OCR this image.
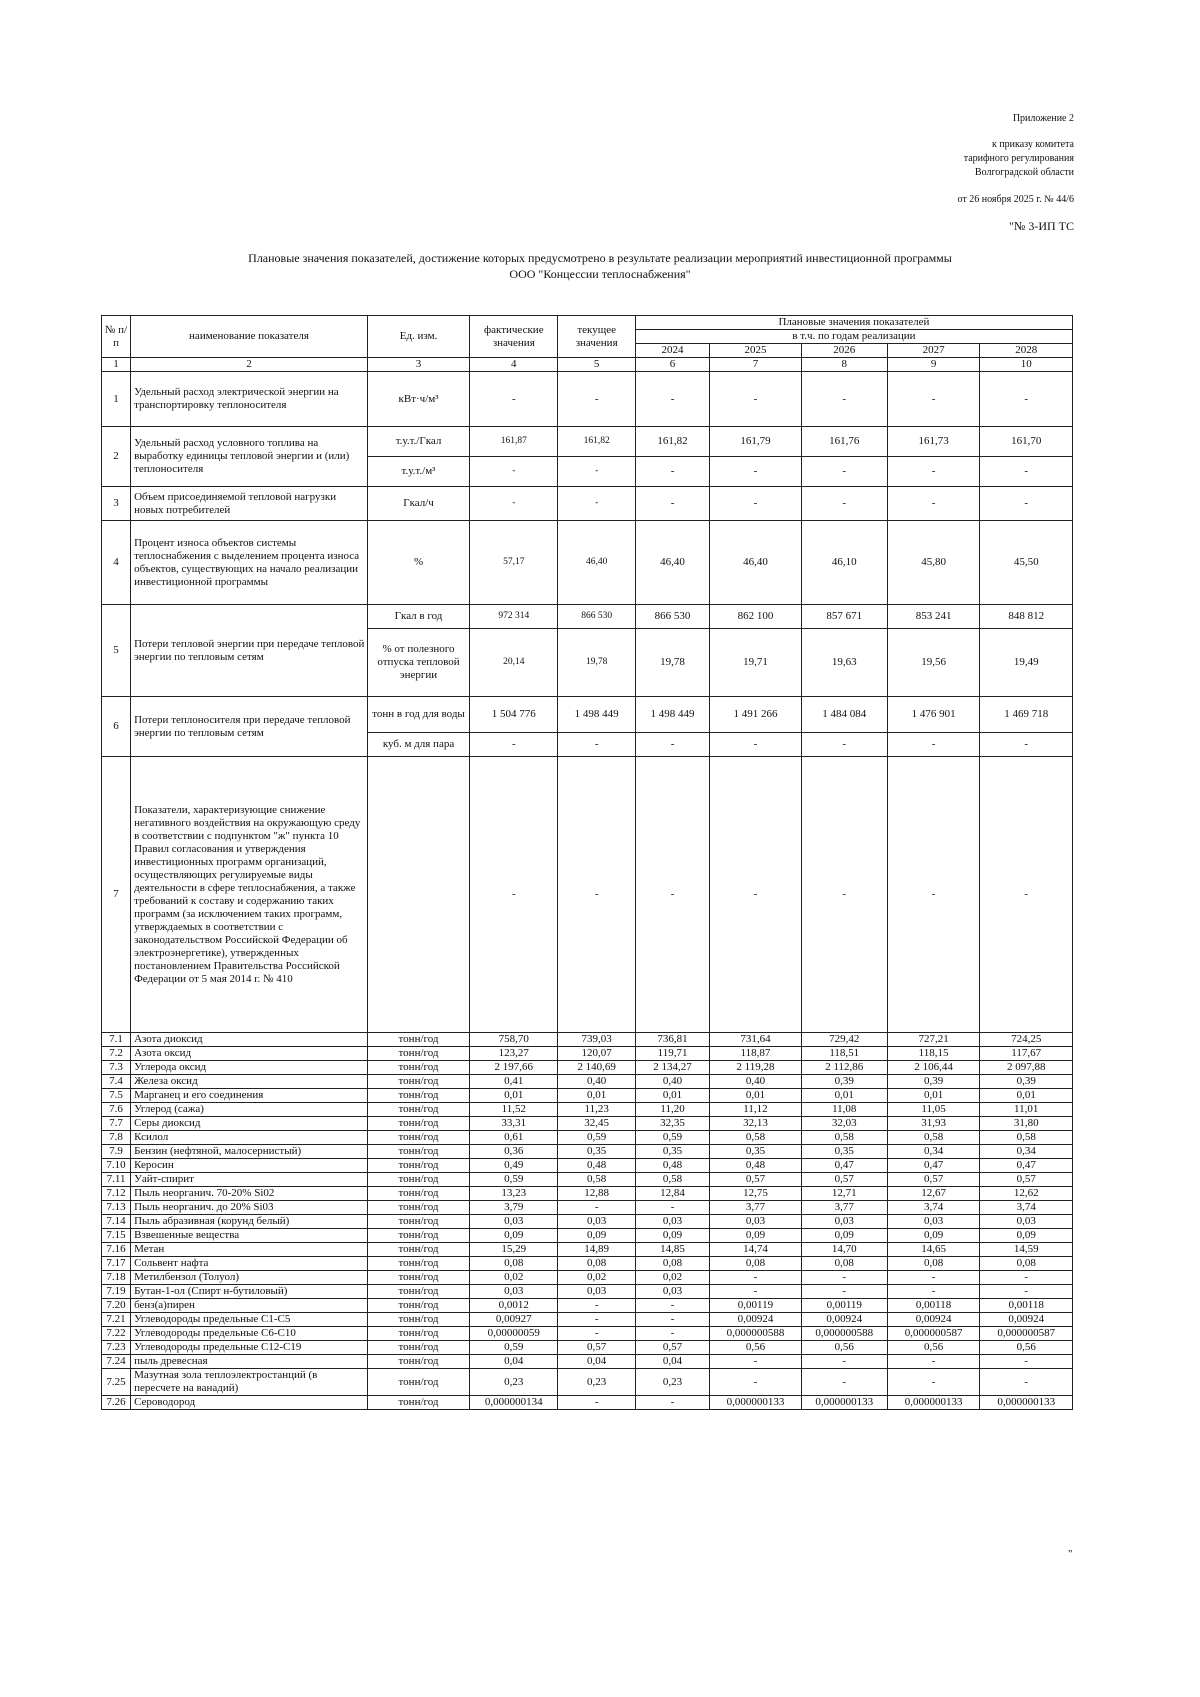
Приложение 2
к приказу комитета
тарифного регулирования
Волгоградской области
от 26 ноября 2025 г. № 44/6
"№ 3-ИП ТС
Плановые значения показателей, достижение которых предусмотрено в результате реализации мероприятий инвестиционной программы
ООО "Концессии теплоснабжения"
№ п/п	наименование показателя	Ед. изм.	фактические значения	текущее значения	Плановые значения показателей				
					в т.ч. по годам реализации				
					2024	2025	2026	2027	2028
1	2	3	4	5	6	7	8	9	10
1	Удельный расход электрической энергии на транспортировку теплоносителя	кВт·ч/м³	-	-	-	-	-	-	-
2	Удельный расход условного топлива на выработку единицы тепловой энергии и (или) теплоносителя	т.у.т./Гкал	161,87	161,82	161,82	161,79	161,76	161,73	161,70
		т.у.т./м³	-	-	-	-	-	-	-
3	Объем присоединяемой тепловой нагрузки новых потребителей	Гкал/ч	-	-	-	-	-	-	-
4	Процент износа объектов системы теплоснабжения с выделением процента износа объектов, существующих на начало реализации инвестиционной программы	%	57,17	46,40	46,40	46,40	46,10	45,80	45,50
5	Потери тепловой энергии при передаче тепловой энергии по тепловым сетям	Гкал в год	972 314	866 530	866 530	862 100	857 671	853 241	848 812
		% от полезного отпуска тепловой энергии	20,14	19,78	19,78	19,71	19,63	19,56	19,49
6	Потери теплоносителя при передаче тепловой энергии по тепловым сетям	тонн в год для воды	1 504 776	1 498 449	1 498 449	1 491 266	1 484 084	1 476 901	1 469 718
		куб. м для пара	-	-	-	-	-	-	-
7	Показатели, характеризующие снижение негативного воздействия на окружающую среду в соответствии с подпунктом "ж" пункта 10 Правил согласования и утверждения инвестиционных программ организаций, осуществляющих регулируемые виды деятельности в сфере теплоснабжения, а также требований к составу и содержанию таких программ (за исключением таких программ, утверждаемых в соответствии с законодательством Российской Федерации об электроэнергетике), утвержденных постановлением Правительства Российской Федерации от 5 мая 2014 г. № 410		-	-	-	-	-	-	-
7.1	Азота диоксид	тонн/год	758,70	739,03	736,81	731,64	729,42	727,21	724,25
7.2	Азота оксид	тонн/год	123,27	120,07	119,71	118,87	118,51	118,15	117,67
7.3	Углерода оксид	тонн/год	2 197,66	2 140,69	2 134,27	2 119,28	2 112,86	2 106,44	2 097,88
7.4	Железа оксид	тонн/год	0,41	0,40	0,40	0,40	0,39	0,39	0,39
7.5	Марганец и его соединения	тонн/год	0,01	0,01	0,01	0,01	0,01	0,01	0,01
7.6	Углерод (сажа)	тонн/год	11,52	11,23	11,20	11,12	11,08	11,05	11,01
7.7	Серы диоксид	тонн/год	33,31	32,45	32,35	32,13	32,03	31,93	31,80
7.8	Ксилол	тонн/год	0,61	0,59	0,59	0,58	0,58	0,58	0,58
7.9	Бензин (нефтяной, малосернистый)	тонн/год	0,36	0,35	0,35	0,35	0,35	0,34	0,34
7.10	Керосин	тонн/год	0,49	0,48	0,48	0,48	0,47	0,47	0,47
7.11	Уайт-спирит	тонн/год	0,59	0,58	0,58	0,57	0,57	0,57	0,57
7.12	Пыль неорганич. 70-20% Si02	тонн/год	13,23	12,88	12,84	12,75	12,71	12,67	12,62
7.13	Пыль неорганич. до 20% Si03	тонн/год	3,79	-	-	3,77	3,77	3,74	3,74
7.14	Пыль абразивная (корунд белый)	тонн/год	0,03	0,03	0,03	0,03	0,03	0,03	0,03
7.15	Взвешенные вещества	тонн/год	0,09	0,09	0,09	0,09	0,09	0,09	0,09
7.16	Метан	тонн/год	15,29	14,89	14,85	14,74	14,70	14,65	14,59
7.17	Сольвент нафта	тонн/год	0,08	0,08	0,08	0,08	0,08	0,08	0,08
7.18	Метилбензол (Толуол)	тонн/год	0,02	0,02	0,02	-	-	-	-
7.19	Бутан-1-ол (Спирт н-бутиловый)	тонн/год	0,03	0,03	0,03	-	-	-	-
7.20	бенз(а)пирен	тонн/год	0,0012	-	-	0,00119	0,00119	0,00118	0,00118
7.21	Углеводороды предельные С1-С5	тонн/год	0,00927	-	-	0,00924	0,00924	0,00924	0,00924
7.22	Углеводороды предельные С6-С10	тонн/год	0,00000059	-	-	0,000000588	0,000000588	0,000000587	0,000000587
7.23	Углеводороды предельные С12-С19	тонн/год	0,59	0,57	0,57	0,56	0,56	0,56	0,56
7.24	пыль древесная	тонн/год	0,04	0,04	0,04	-	-	-	-
7.25	Мазутная зола теплоэлектростанций (в пересчете на ванадий)	тонн/год	0,23	0,23	0,23	-	-	-	-
7.26	Сероводород	тонн/год	0,000000134	-	-	0,000000133	0,000000133	0,000000133	0,000000133
"
